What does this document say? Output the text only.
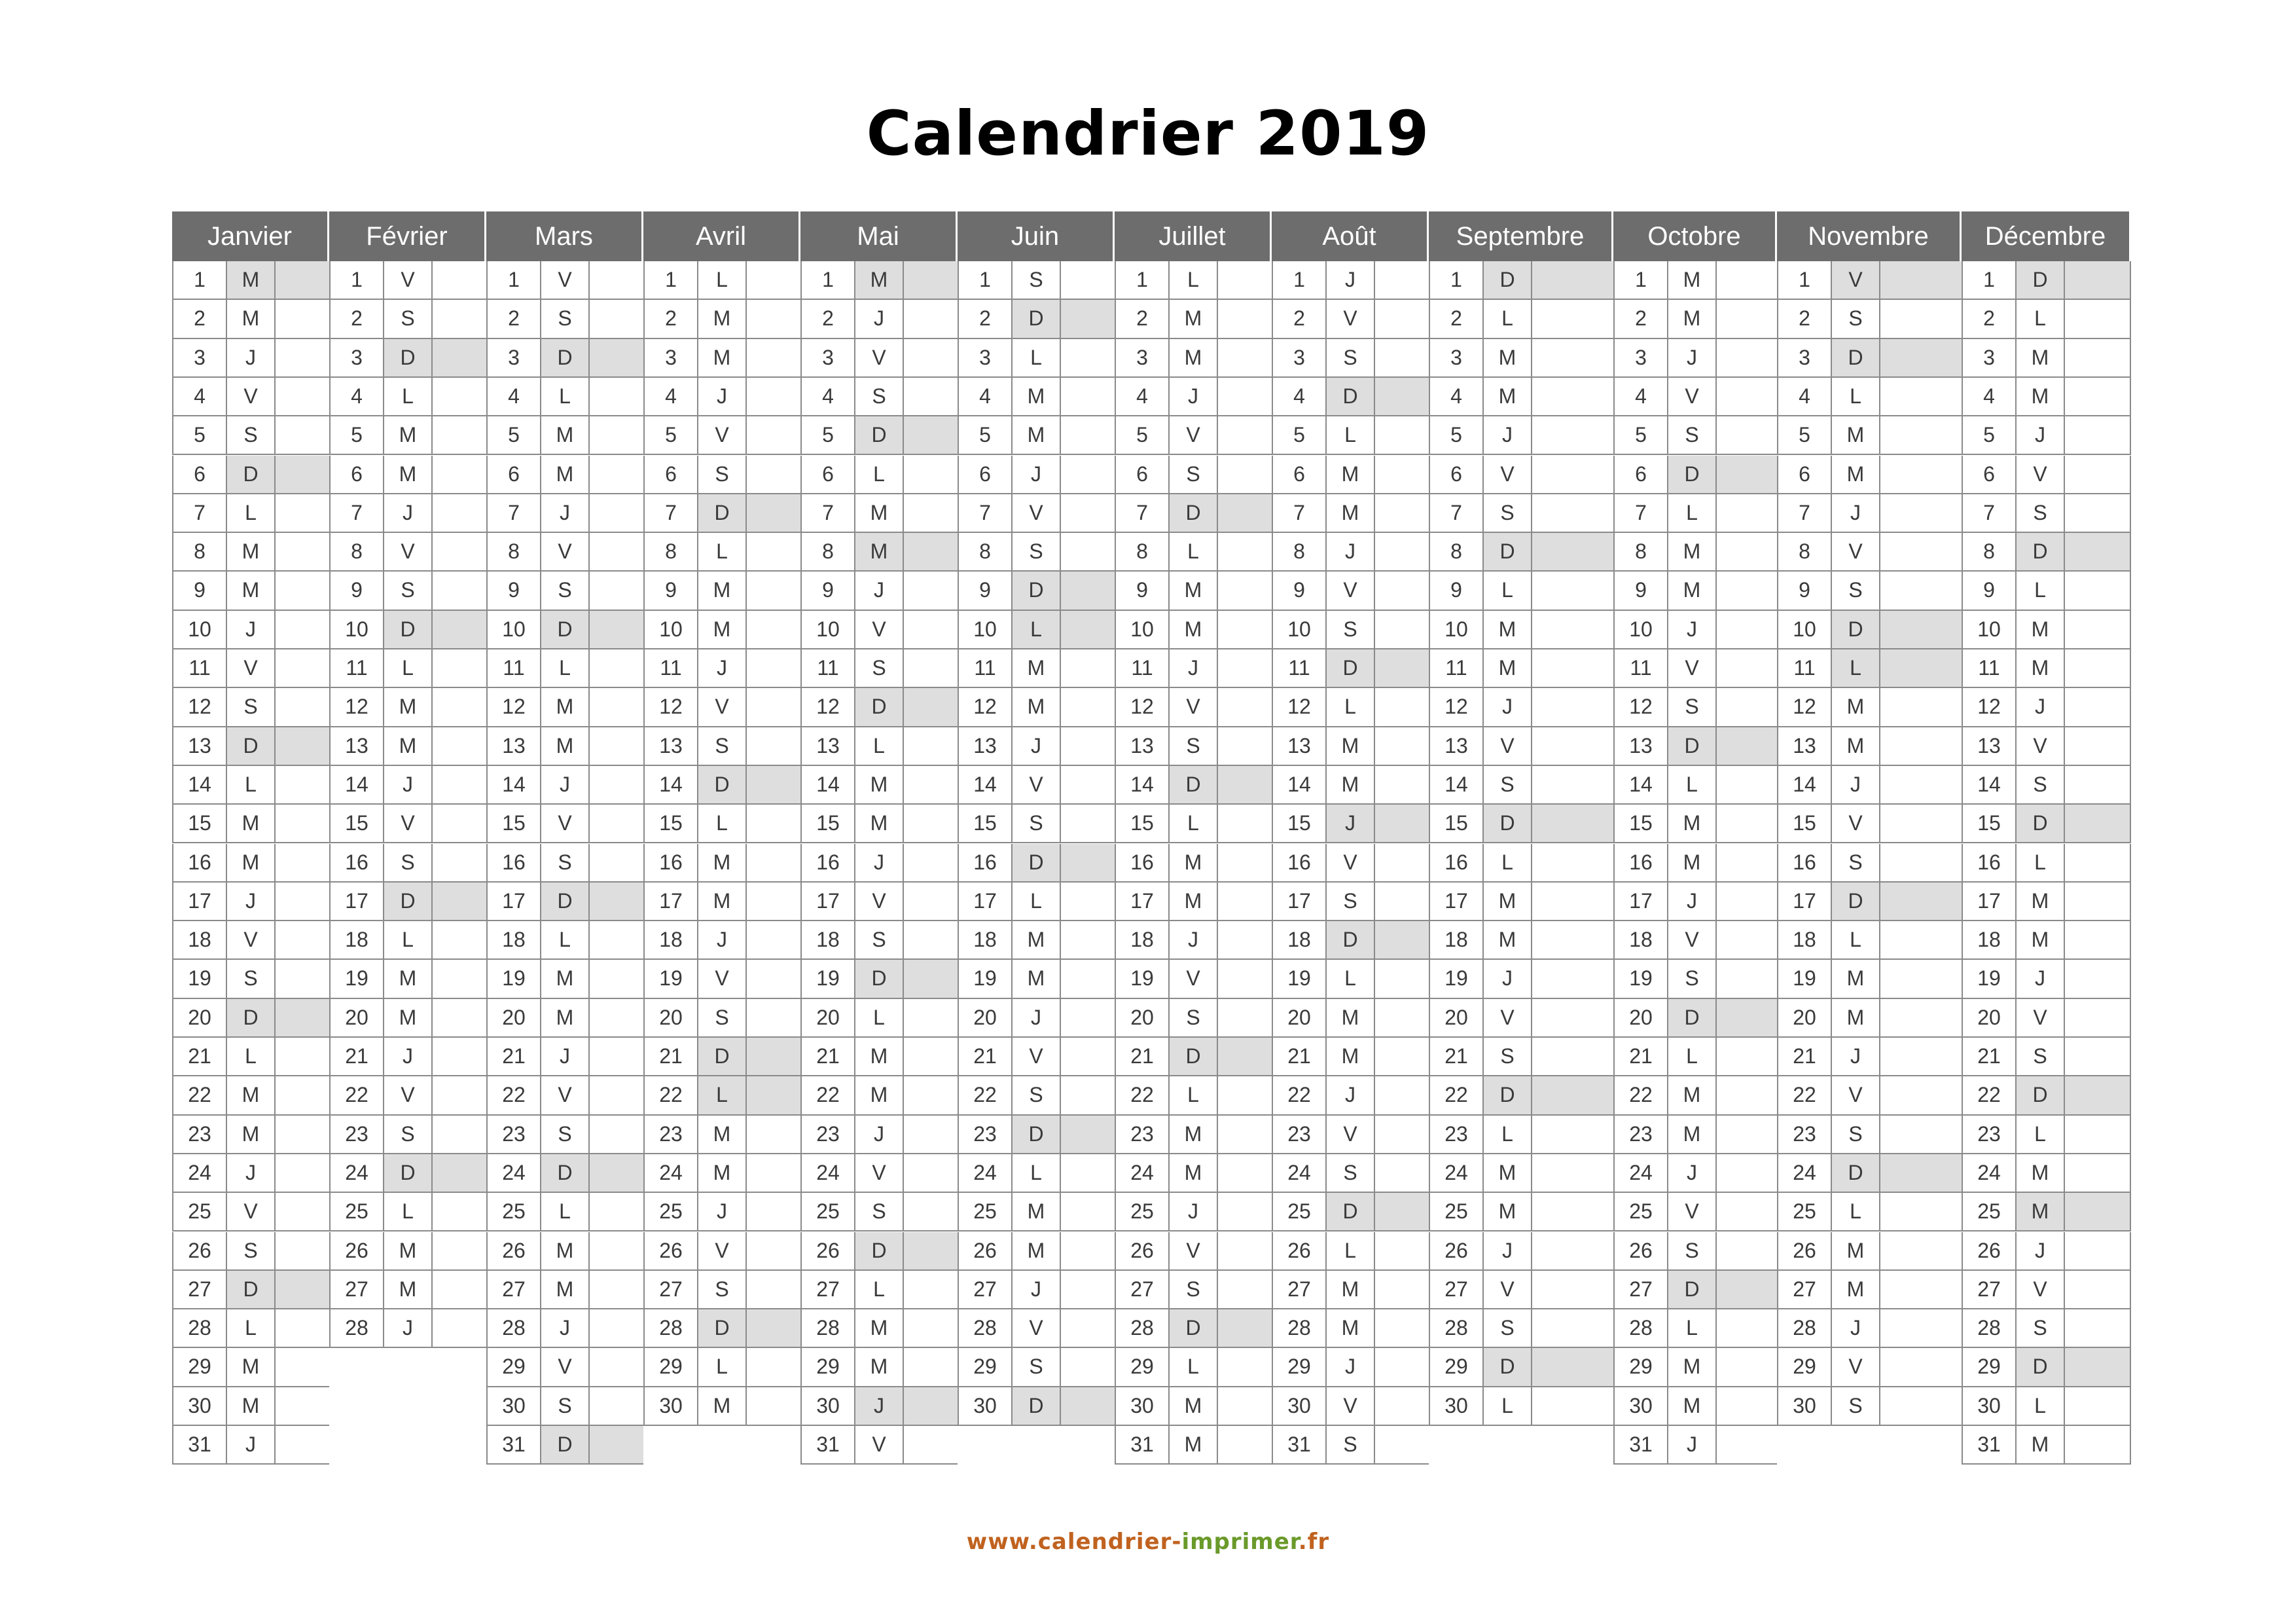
Calendrier 2019
Janvier
1	M
2	M
3	J
4	V
5	S
6	D
7	L
8	M
9	M
10	J
11	V
12	S
13	D
14	L
15	M
16	M
17	J
18	V
19	S
20	D
21	L
22	M
23	M
24	J
25	V
26	S
27	D
28	L
29	M
30	M
31	J
Février
1	V
2	S
3	D
4	L
5	M
6	M
7	J
8	V
9	S
10	D
11	L
12	M
13	M
14	J
15	V
16	S
17	D
18	L
19	M
20	M
21	J
22	V
23	S
24	D
25	L
26	M
27	M
28	J
Mars
1	V
2	S
3	D
4	L
5	M
6	M
7	J
8	V
9	S
10	D
11	L
12	M
13	M
14	J
15	V
16	S
17	D
18	L
19	M
20	M
21	J
22	V
23	S
24	D
25	L
26	M
27	M
28	J
29	V
30	S
31	D
Avril
1	L
2	M
3	M
4	J
5	V
6	S
7	D
8	L
9	M
10	M
11	J
12	V
13	S
14	D
15	L
16	M
17	M
18	J
19	V
20	S
21	D
22	L
23	M
24	M
25	J
26	V
27	S
28	D
29	L
30	M
Mai
1	M
2	J
3	V
4	S
5	D
6	L
7	M
8	M
9	J
10	V
11	S
12	D
13	L
14	M
15	M
16	J
17	V
18	S
19	D
20	L
21	M
22	M
23	J
24	V
25	S
26	D
27	L
28	M
29	M
30	J
31	V
Juin
1	S
2	D
3	L
4	M
5	M
6	J
7	V
8	S
9	D
10	L
11	M
12	M
13	J
14	V
15	S
16	D
17	L
18	M
19	M
20	J
21	V
22	S
23	D
24	L
25	M
26	M
27	J
28	V
29	S
30	D
Juillet
1	L
2	M
3	M
4	J
5	V
6	S
7	D
8	L
9	M
10	M
11	J
12	V
13	S
14	D
15	L
16	M
17	M
18	J
19	V
20	S
21	D
22	L
23	M
24	M
25	J
26	V
27	S
28	D
29	L
30	M
31	M
Août
1	J
2	V
3	S
4	D
5	L
6	M
7	M
8	J
9	V
10	S
11	D
12	L
13	M
14	M
15	J
16	V
17	S
18	D
19	L
20	M
21	M
22	J
23	V
24	S
25	D
26	L
27	M
28	M
29	J
30	V
31	S
Septembre
1	D
2	L
3	M
4	M
5	J
6	V
7	S
8	D
9	L
10	M
11	M
12	J
13	V
14	S
15	D
16	L
17	M
18	M
19	J
20	V
21	S
22	D
23	L
24	M
25	M
26	J
27	V
28	S
29	D
30	L
Octobre
1	M
2	M
3	J
4	V
5	S
6	D
7	L
8	M
9	M
10	J
11	V
12	S
13	D
14	L
15	M
16	M
17	J
18	V
19	S
20	D
21	L
22	M
23	M
24	J
25	V
26	S
27	D
28	L
29	M
30	M
31	J
Novembre
1	V
2	S
3	D
4	L
5	M
6	M
7	J
8	V
9	S
10	D
11	L
12	M
13	M
14	J
15	V
16	S
17	D
18	L
19	M
20	M
21	J
22	V
23	S
24	D
25	L
26	M
27	M
28	J
29	V
30	S
Décembre
1	D
2	L
3	M
4	M
5	J
6	V
7	S
8	D
9	L
10	M
11	M
12	J
13	V
14	S
15	D
16	L
17	M
18	M
19	J
20	V
21	S
22	D
23	L
24	M
25	M
26	J
27	V
28	S
29	D
30	L
31	M
www.calendrier-imprimer.fr
